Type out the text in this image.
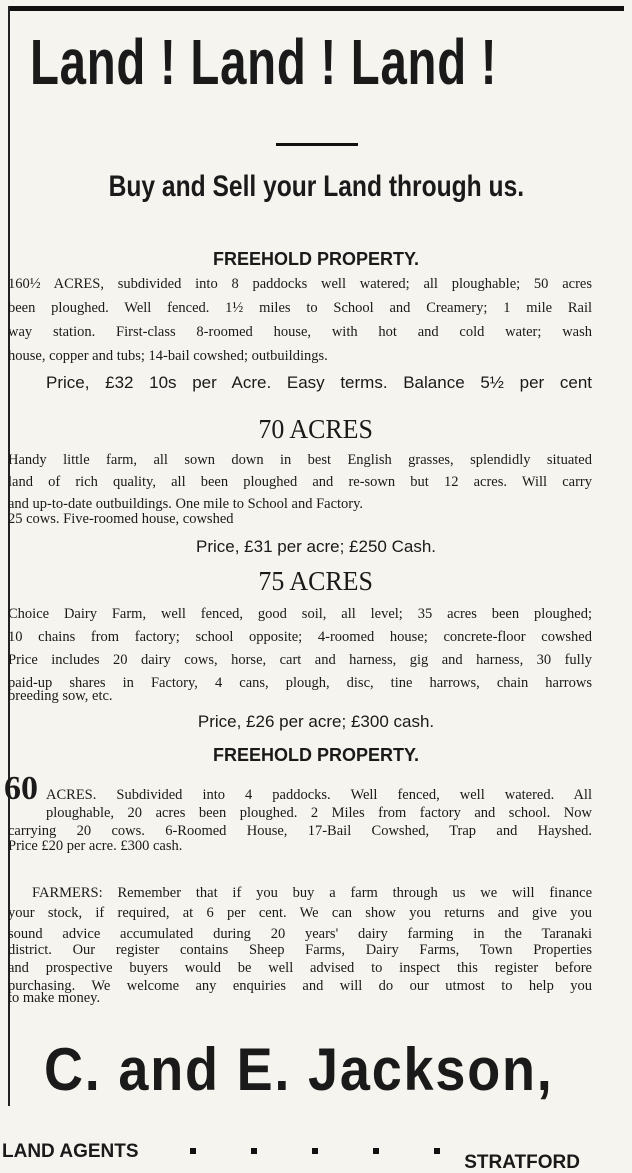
Land ! Land ! Land !
Buy and Sell your Land through us.
FREEHOLD PROPERTY.
160½ ACRES, subdivided into 8 paddocks well watered; all ploughable; 50 acres
been ploughed. Well fenced. 1½ miles to School and Creamery; 1 mile Rail
way station. First-class 8-roomed house, with hot and cold water; wash
house, copper and tubs; 14-bail cowshed; outbuildings.
Price, £32 10s per Acre. Easy terms. Balance 5½ per cent
70 ACRES
Handy little farm, all sown down in best English grasses, splendidly situated
land of rich quality, all been ploughed and re-sown but 12 acres. Will carry
and up-to-date outbuildings. One mile to School and Factory.
25 cows. Five-roomed house, cowshed
Price, £31 per acre; £250 Cash.
75 ACRES
Choice Dairy Farm, well fenced, good soil, all level; 35 acres been ploughed;
10 chains from factory; school opposite; 4-roomed house; concrete-floor cowshed
Price includes 20 dairy cows, horse, cart and harness, gig and harness, 30 fully
paid-up shares in Factory, 4 cans, plough, disc, tine harrows, chain harrows
breeding sow, etc.
Price, £26 per acre; £300 cash.
FREEHOLD PROPERTY.
60 ACRES. Subdivided into 4 paddocks. Well fenced, well watered. All
ploughable, 20 acres been ploughed. 2 Miles from factory and school. Now
carrying 20 cows. 6-Roomed House, 17-Bail Cowshed, Trap and Hayshed.
Price £20 per acre. £300 cash.
FARMERS: Remember that if you buy a farm through us we will finance
your stock, if required, at 6 per cent. We can show you returns and give you
sound advice accumulated during 20 years' dairy farming in the Taranaki
district. Our register contains Sheep Farms, Dairy Farms, Town Properties
and prospective buyers would be well advised to inspect this register before
purchasing. We welcome any enquiries and will do our utmost to help you
to make money.
C. and E. Jackson,
LAND AGENTS
STRATFORD
